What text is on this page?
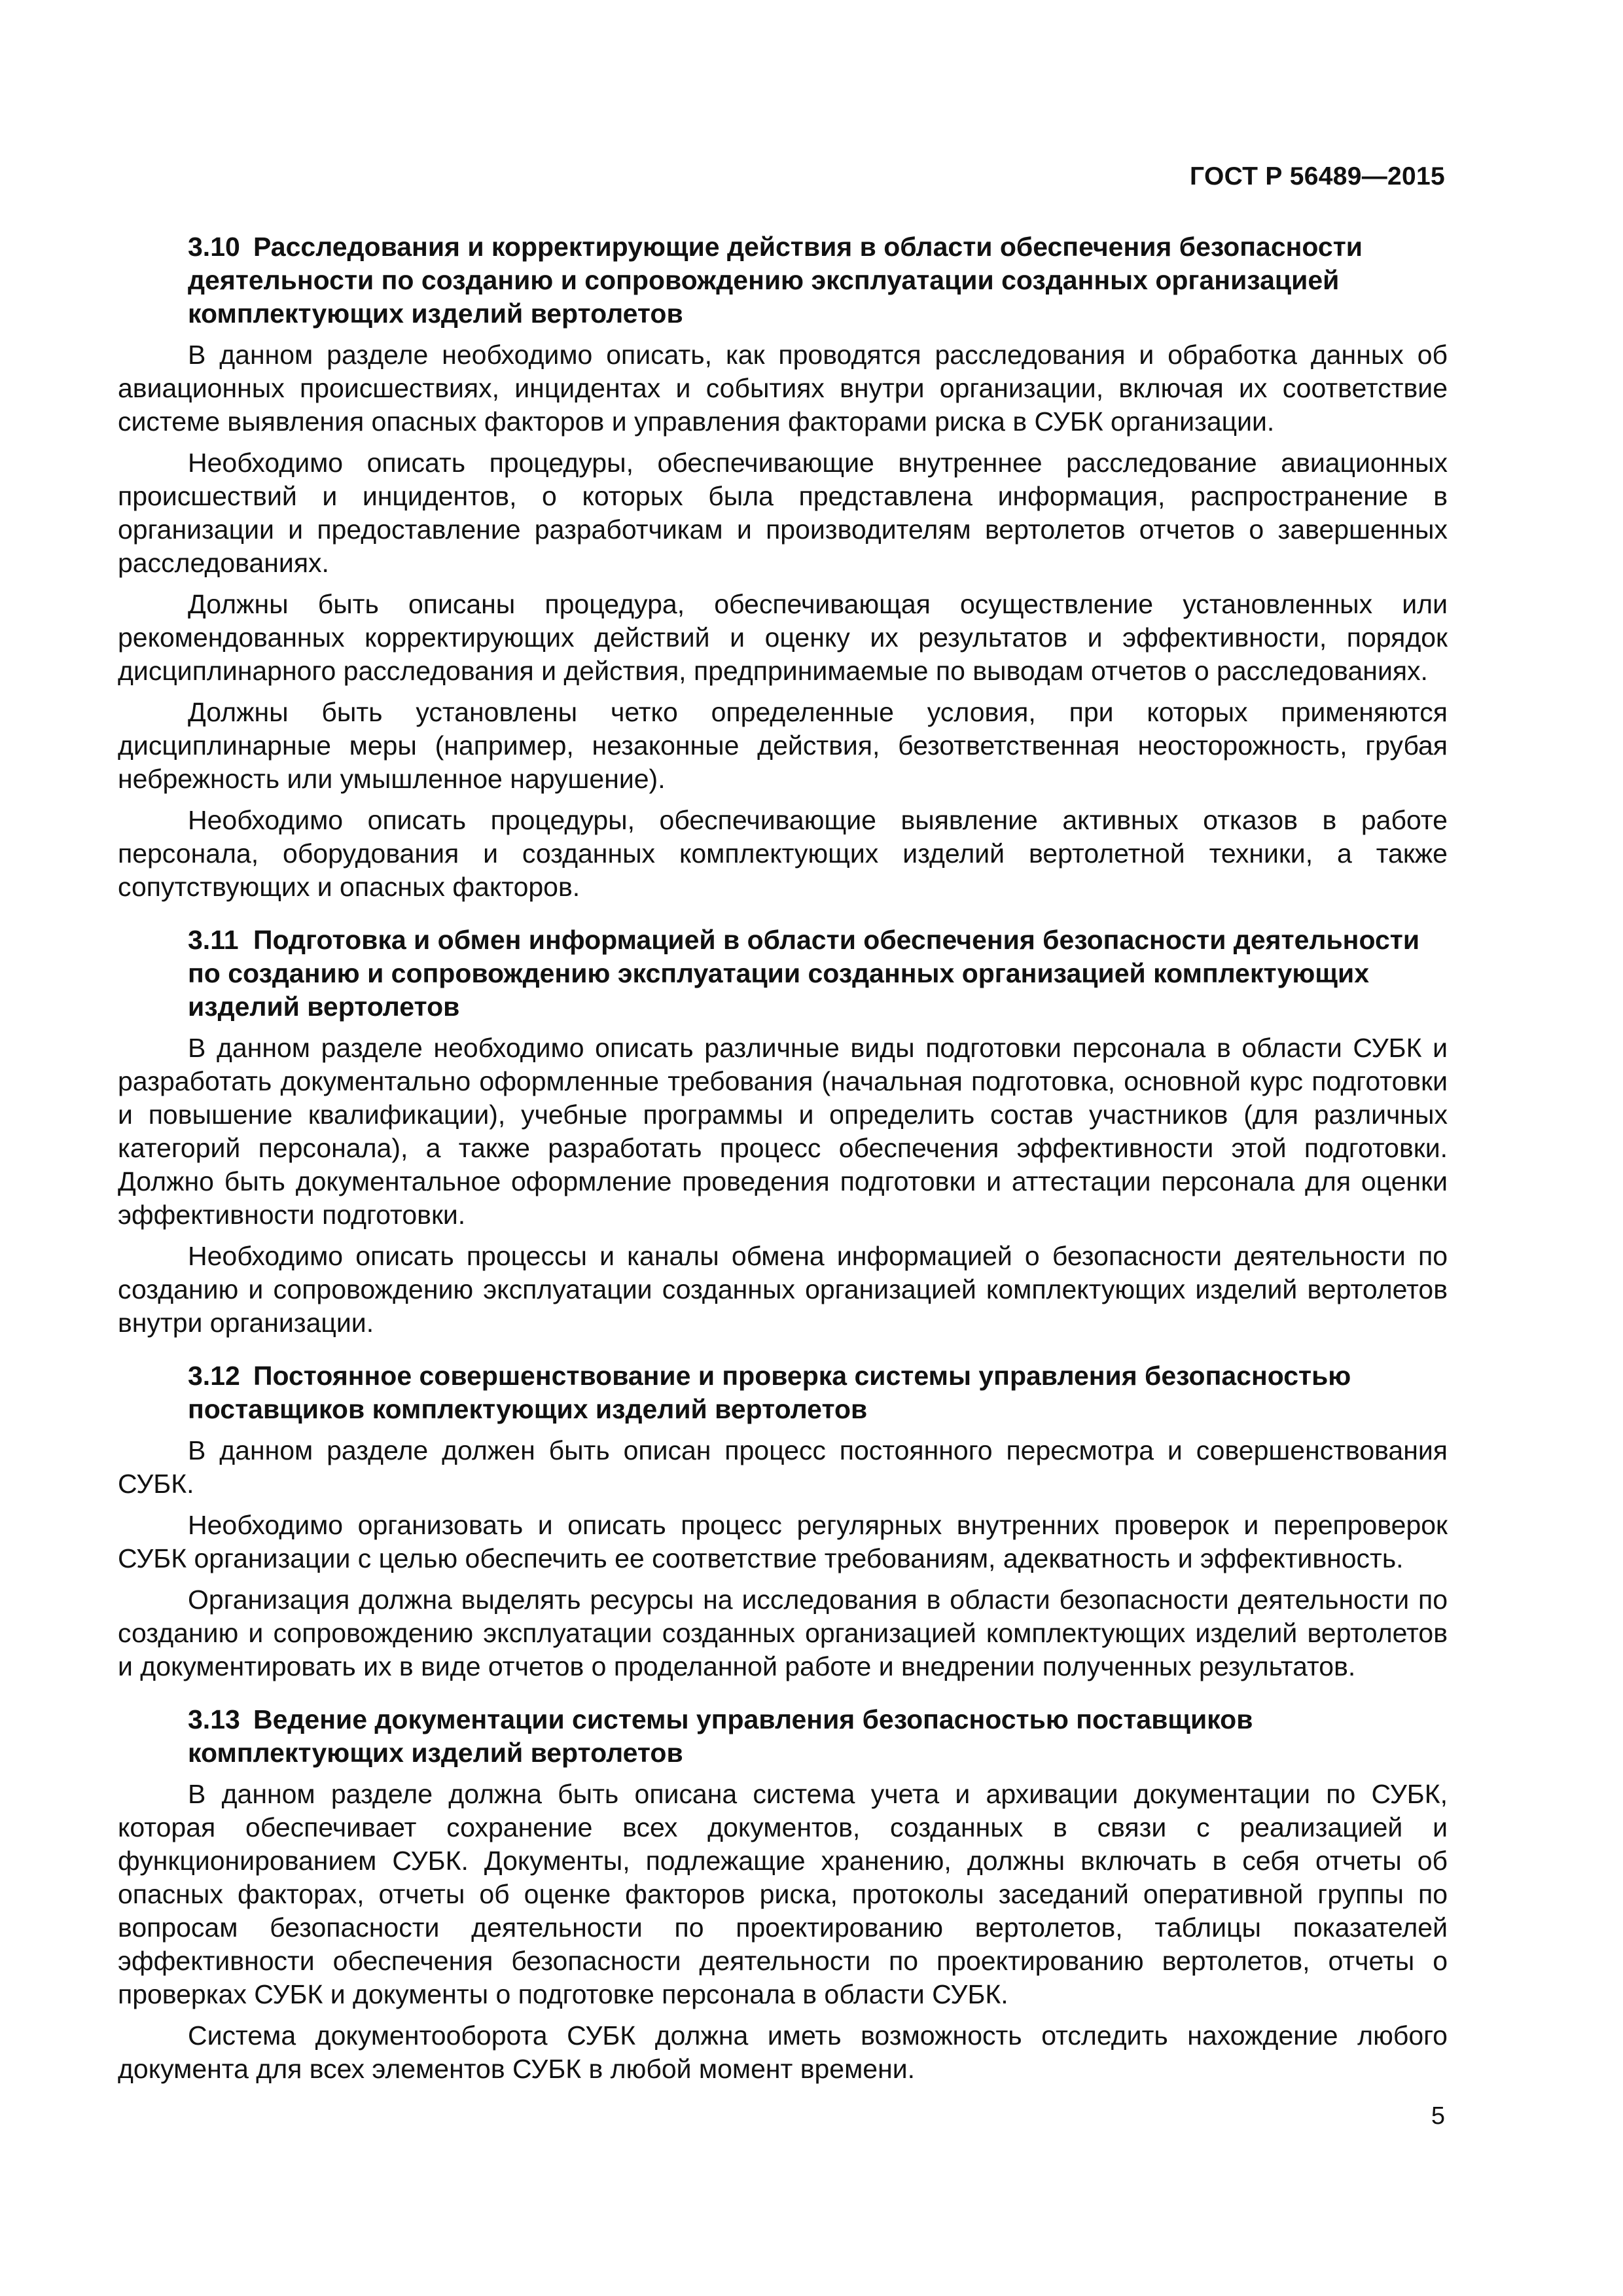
ГОСТ Р 56489—2015

3.10 Расследования и корректирующие действия в области обеспечения безопасности деятельности по созданию и сопровождению эксплуатации созданных организацией комплектующих изделий вертолетов

В данном разделе необходимо описать, как проводятся расследования и обработка данных об авиационных происшествиях, инцидентах и событиях внутри организации, включая их соответствие системе выявления опасных факторов и управления факторами риска в СУБК организации.

Необходимо описать процедуры, обеспечивающие внутреннее расследование авиационных происшествий и инцидентов, о которых была представлена информация, распространение в организации и предоставление разработчикам и производителям вертолетов отчетов о завершенных расследованиях.

Должны быть описаны процедура, обеспечивающая осуществление установленных или рекомендованных корректирующих действий и оценку их результатов и эффективности, порядок дисциплинарного расследования и действия, предпринимаемые по выводам отчетов о расследованиях.

Должны быть установлены четко определенные условия, при которых применяются дисциплинарные меры (например, незаконные действия, безответственная неосторожность, грубая небрежность или умышленное нарушение).

Необходимо описать процедуры, обеспечивающие выявление активных отказов в работе персонала, оборудования и созданных комплектующих изделий вертолетной техники, а также сопутствующих и опасных факторов.

3.11 Подготовка и обмен информацией в области обеспечения безопасности деятельности по созданию и сопровождению эксплуатации созданных организацией комплектующих изделий вертолетов

В данном разделе необходимо описать различные виды подготовки персонала в области СУБК и разработать документально оформленные требования (начальная подготовка, основной курс подготовки и повышение квалификации), учебные программы и определить состав участников (для различных категорий персонала), а также разработать процесс обеспечения эффективности этой подготовки. Должно быть документальное оформление проведения подготовки и аттестации персонала для оценки эффективности подготовки.

Необходимо описать процессы и каналы обмена информацией о безопасности деятельности по созданию и сопровождению эксплуатации созданных организацией комплектующих изделий вертолетов внутри организации.

3.12 Постоянное совершенствование и проверка системы управления безопасностью поставщиков комплектующих изделий вертолетов

В данном разделе должен быть описан процесс постоянного пересмотра и совершенствования СУБК.

Необходимо организовать и описать процесс регулярных внутренних проверок и перепроверок СУБК организации с целью обеспечить ее соответствие требованиям, адекватность и эффективность.

Организация должна выделять ресурсы на исследования в области безопасности деятельности по созданию и сопровождению эксплуатации созданных организацией комплектующих изделий вертолетов и документировать их в виде отчетов о проделанной работе и внедрении полученных результатов.

3.13 Ведение документации системы управления безопасностью поставщиков комплектующих изделий вертолетов

В данном разделе должна быть описана система учета и архивации документации по СУБК, которая обеспечивает сохранение всех документов, созданных в связи с реализацией и функционированием СУБК. Документы, подлежащие хранению, должны включать в себя отчеты об опасных факторах, отчеты об оценке факторов риска, протоколы заседаний оперативной группы по вопросам безопасности деятельности по проектированию вертолетов, таблицы показателей эффективности обеспечения безопасности деятельности по проектированию вертолетов, отчеты о проверках СУБК и документы о подготовке персонала в области СУБК.

Система документооборота СУБК должна иметь возможность отследить нахождение любого документа для всех элементов СУБК в любой момент времени.

5
